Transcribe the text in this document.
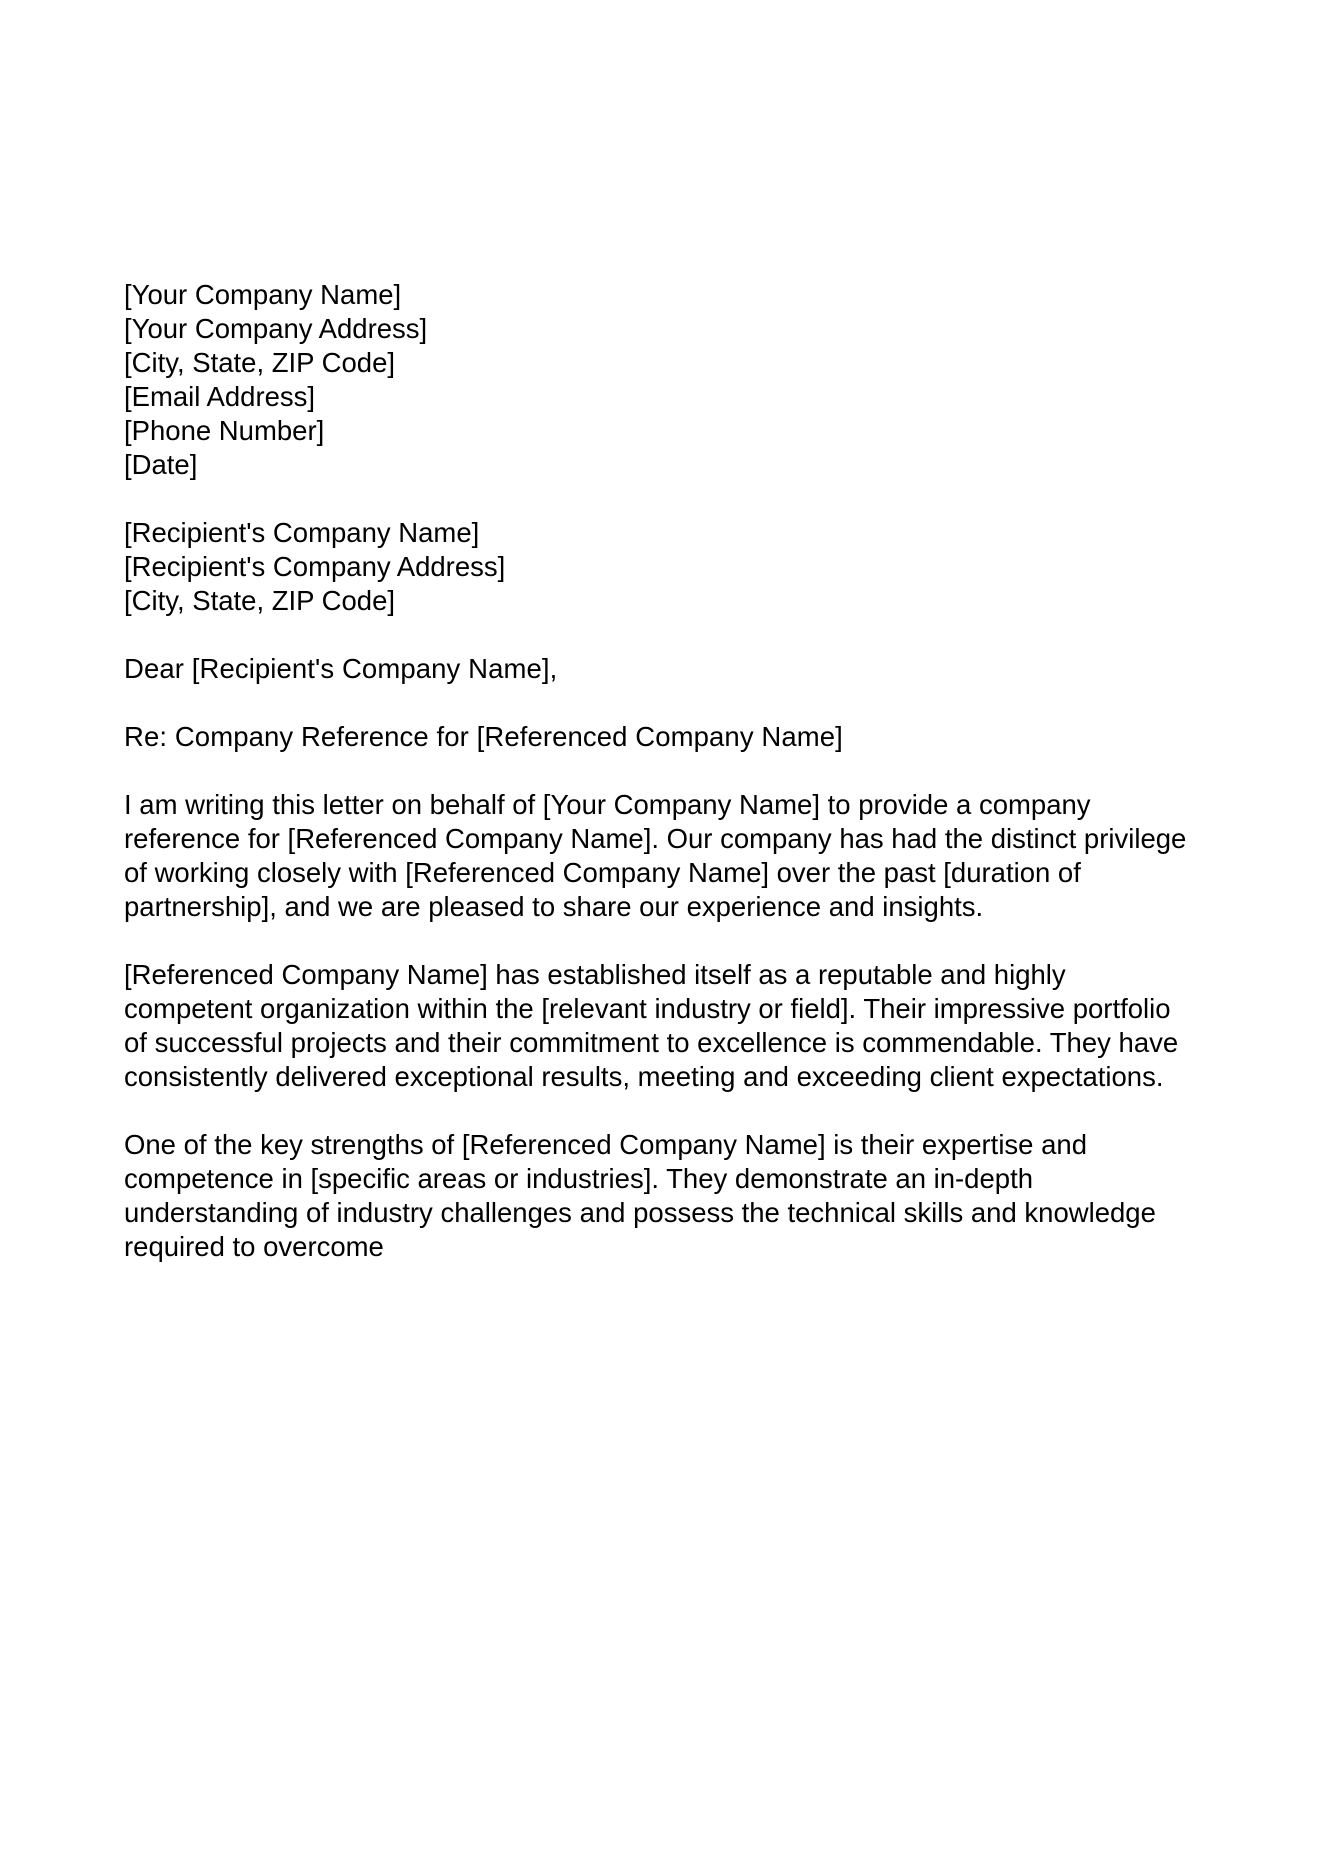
[Your Company Name]
[Your Company Address]
[City, State, ZIP Code]
[Email Address]
[Phone Number]
[Date]
[Recipient's Company Name]
[Recipient's Company Address]
[City, State, ZIP Code]
Dear [Recipient's Company Name],
Re: Company Reference for [Referenced Company Name]

I am writing this letter on behalf of [Your Company Name] to provide a company reference for [Referenced Company Name]. Our company has had the distinct privilege of working closely with [Referenced Company Name] over the past [duration of partnership], and we are pleased to share our experience and insights.

[Referenced Company Name] has established itself as a reputable and highly competent organization within the [relevant industry or field]. Their impressive portfolio of successful projects and their commitment to excellence is commendable. They have consistently delivered exceptional results, meeting and exceeding client expectations.

One of the key strengths of [Referenced Company Name] is their expertise and competence in [specific areas or industries]. They demonstrate an in-depth understanding of industry challenges and possess the technical skills and knowledge required to overcome
